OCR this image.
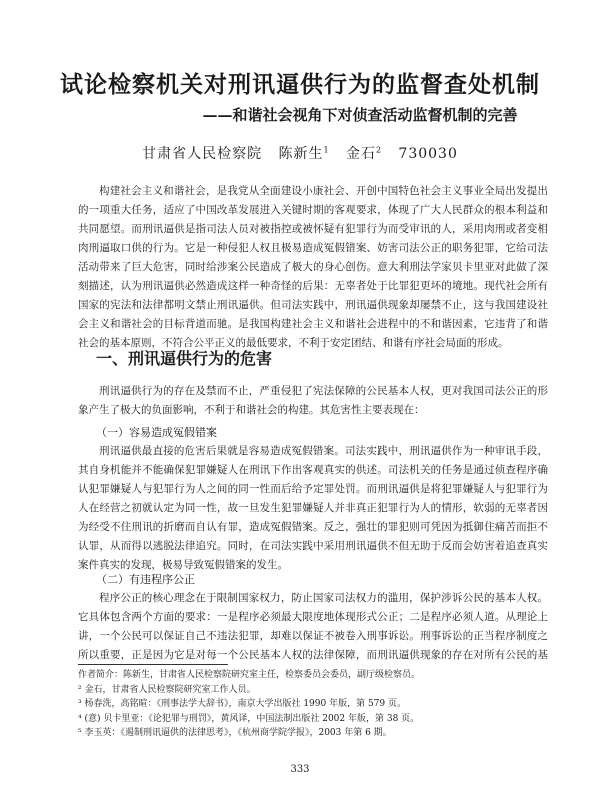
试论检察机关对刑讯逼供行为的监督查处机制
——和谐社会视角下对侦查活动监督机制的完善
甘肃省人民检察院 陈新生$^1$ 金石$^2$ 730030

构建社会主义和谐社会，是我党从全面建设小康社会、开创中国特色社会主义事业全局出发提出的一项重大任务，适应了中国改革发展进入关键时期的客观要求，体现了广大人民群众的根本利益和共同愿望。而刑讯逼供是指司法人员对被指控或被怀疑有犯罪行为而受审讯的人，采用肉刑或者变相肉刑逼取口供的行为。它是一种侵犯人权且极易造成冤假错案、妨害司法公正的职务犯罪，它给司法活动带来了巨大危害，同时给涉案公民造成了极大的身心创伤。意大利刑法学家贝卡里亚对此做了深刻描述，认为刑讯逼供必然造成这样一种奇怪的后果：无辜者处于比罪犯更坏的境地。现代社会所有国家的宪法和法律都明文禁止刑讯逼供。但司法实践中，刑讯逼供现象却屡禁不止，这与我国建设社会主义和谐社会的目标背道而驰。是我国构建社会主义和谐社会进程中的不和谐因素，它违背了和谐社会的基本原则，不符合公平正义的最低要求，不利于安定团结、和谐有序社会局面的形成。

一、刑讯逼供行为的危害

刑讯逼供行为的存在及禁而不止，严重侵犯了宪法保障的公民基本人权，更对我国司法公正的形象产生了极大的负面影响，不利于和谐社会的构建。其危害性主要表现在：

（一）容易造成冤假错案

刑讯逼供最直接的危害后果就是容易造成冤假错案。司法实践中，刑讯逼供作为一种审讯手段，其自身机能并不能确保犯罪嫌疑人在刑讯下作出客观真实的供述。司法机关的任务是通过侦查程序确认犯罪嫌疑人与犯罪行为人之间的同一性而后给予定罪处罚。而刑讯逼供是将犯罪嫌疑人与犯罪行为人在经营之初就认定为同一性，故一旦发生犯罪嫌疑人并非真正犯罪行为人的情形，软弱的无辜者因为经受不住刑讯的折磨而自认有罪，造成冤假错案。反之，强壮的罪犯则可凭因为抵御住痛苦而拒不认罪，从而得以逃脱法律追究。同时，在司法实践中采用刑讯逼供不但无助于反而会妨害着追查真实案件真实的发现，极易导致冤假错案的发生。

（二）有违程序公正

程序公正的核心理念在于限制国家权力，防止国家司法权力的滥用，保护涉诉公民的基本人权。它具体包含两个方面的要求：一是程序必须最大限度地体现形式公正；二是程序必须人道。从理论上讲，一个公民可以保证自己不违法犯罪，却难以保证不被卷入刑事诉讼。刑事诉讼的正当程序制度之所以重要，正是因为它是对每一个公民基本人权的法律保障，而刑讯逼供现象的存在对所有公民的基　

作者简介：陈新生，甘肃省人民检察院研究室主任，检察委员会委员，副厅级检察员。
² 金石，甘肃省人民检察院研究室工作人员。
³ 杨春洗，高铭暄：《刑事法学大辞书》，南京大学出版社 1990 年版，第 579 页。
⁴ (意) 贝卡里亚：《论犯罪与刑罚》，黄风译，中国法制出版社 2002 年版，第 38 页。
⁵ 李玉英：《遏制刑讯逼供的法律思考》，《杭州商学院学报》，2003 年第 6 期。
333
